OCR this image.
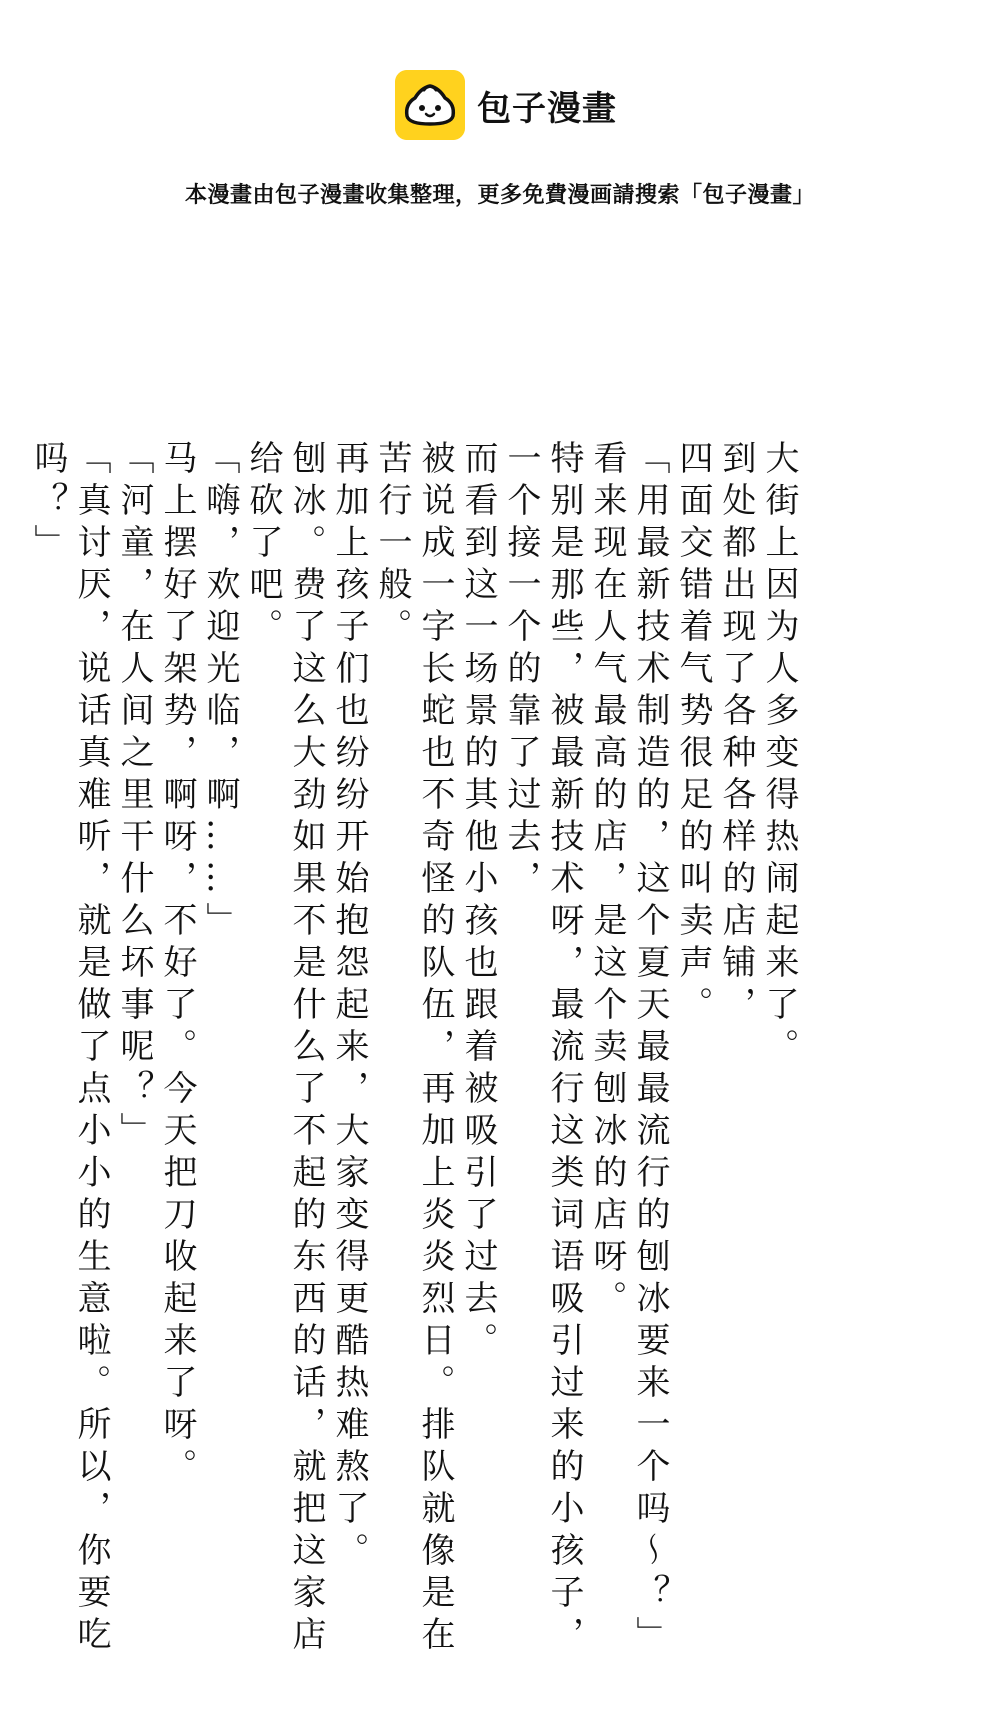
包子漫畫
本漫畫由包子漫畫收集整理，更多免費漫画請搜索「包子漫畫」

大街上因为人多变得热闹起来了。

到处都出现了各种各样的店铺，

四面交错着气势很足的叫卖声。

「用最新技术制造的，这个夏天最最流行的刨冰要来一个吗～？」

看来现在人气最高的店，是这个卖刨冰的店呀。

特别是那些，被最新技术呀，最流行这类词语吸引过来的小孩子，一个接一个的靠了过去，

而看到这一场景的其他小孩也跟着被吸引了过去。

被说成一字长蛇也不奇怪的队伍，再加上炎炎烈日。排队就像是在苦行一般。

再加上孩子们也纷纷开始抱怨起来，大家变得更酷热难熬了。

刨冰。费了这么大劲如果不是什么了不起的东西的话，就把这家店给砍了吧。

「嗨，欢迎光临，啊……」

马上摆好了架势，啊呀，不好了。今天把刀收起来了呀。

「河童，在人间之里干什么坏事呢？」

「真讨厌，说话真难听，就是做了点小小的生意啦。所以，你要吃吗？」
